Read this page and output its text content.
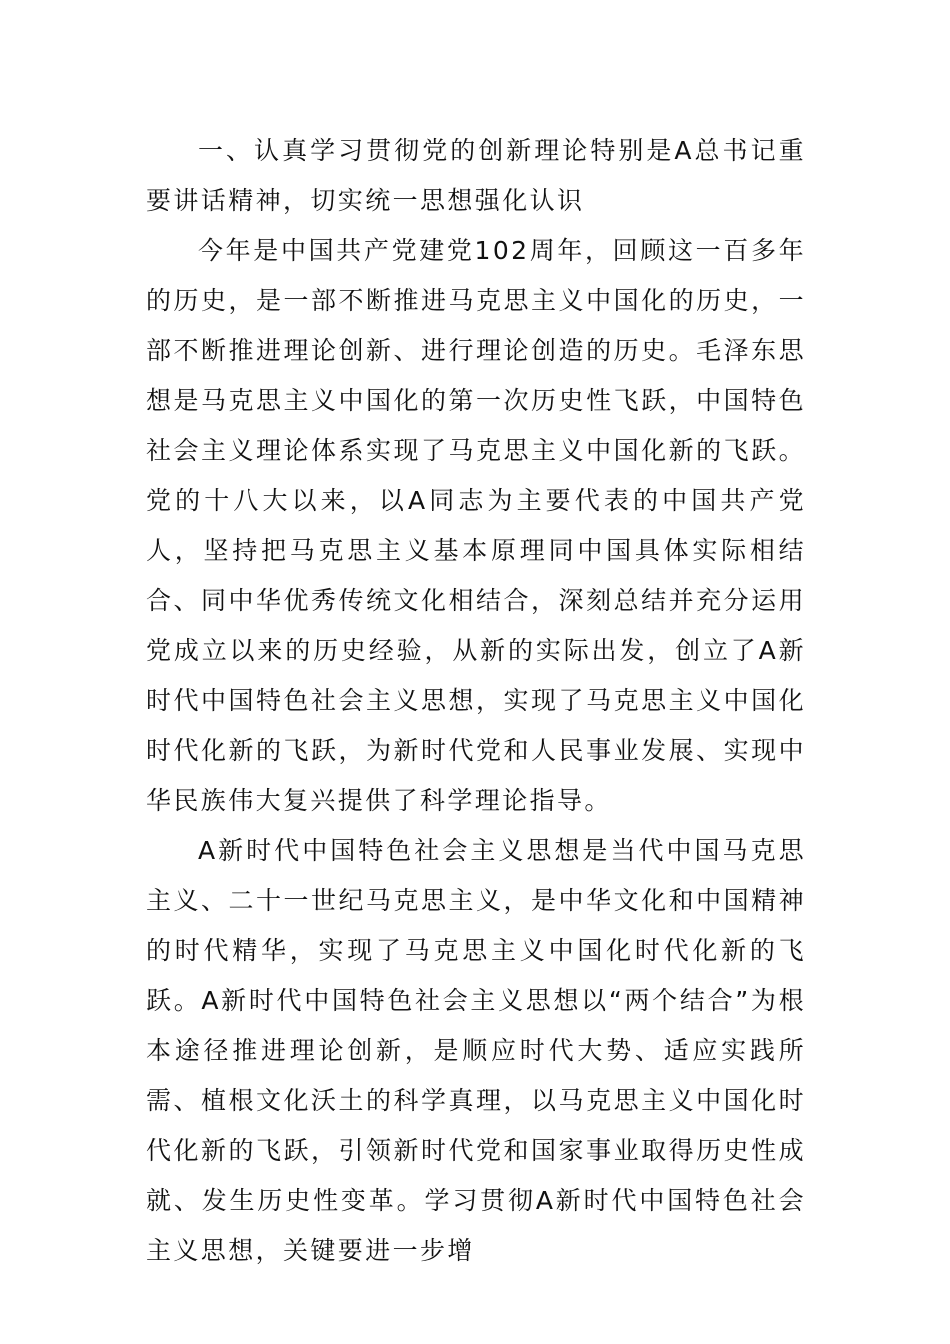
一、认真学习贯彻党的创新理论特别是A总书记重要讲话精神，切实统一思想强化认识

今年是中国共产党建党102周年，回顾这一百多年的历史，是一部不断推进马克思主义中国化的历史，一部不断推进理论创新、进行理论创造的历史。毛泽东思想是马克思主义中国化的第一次历史性飞跃，中国特色社会主义理论体系实现了马克思主义中国化新的飞跃。党的十八大以来，以A同志为主要代表的中国共产党人，坚持把马克思主义基本原理同中国具体实际相结合、同中华优秀传统文化相结合，深刻总结并充分运用党成立以来的历史经验，从新的实际出发，创立了A新时代中国特色社会主义思想，实现了马克思主义中国化时代化新的飞跃，为新时代党和人民事业发展、实现中华民族伟大复兴提供了科学理论指导。

A新时代中国特色社会主义思想是当代中国马克思主义、二十一世纪马克思主义，是中华文化和中国精神的时代精华，实现了马克思主义中国化时代化新的飞跃。A新时代中国特色社会主义思想以“两个结合”为根本途径推进理论创新，是顺应时代大势、适应实践所需、植根文化沃土的科学真理，以马克思主义中国化时代化新的飞跃，引领新时代党和国家事业取得历史性成就、发生历史性变革。学习贯彻A新时代中国特色社会主义思想，关键要进一步增
